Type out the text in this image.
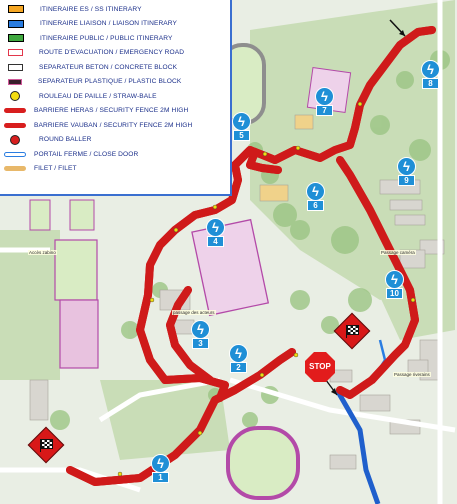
ITINERAIRE ES / SS ITINERARY
ITINERAIRE LIAISON / LIAISON ITINERARY
ITINERAIRE PUBLIC / PUBLIC ITINERARY
ROUTE D'EVACUATION / EMERGENCY ROAD
SEPARATEUR BETON / CONCRETE BLOCK
SEPARATEUR PLASTIQUE / PLASTIC BLOCK
ROULEAU DE PAILLE / STRAW-BALE
BARRIERE HERAS / SECURITY FENCE 2M HIGH
BARRIERE VAUBAN / SECURITY FENCE 2M HIGH
ROUND BALLER
PORTAIL FERME / CLOSE DOOR
FILET / FILET
Accès zabino
passage des acteurs
Passage caméra
Passage riverains
ϟ
1
ϟ
2
ϟ
3
ϟ
4
ϟ
5
ϟ
6
ϟ
7
ϟ
8
ϟ
9
ϟ
10
STOP
